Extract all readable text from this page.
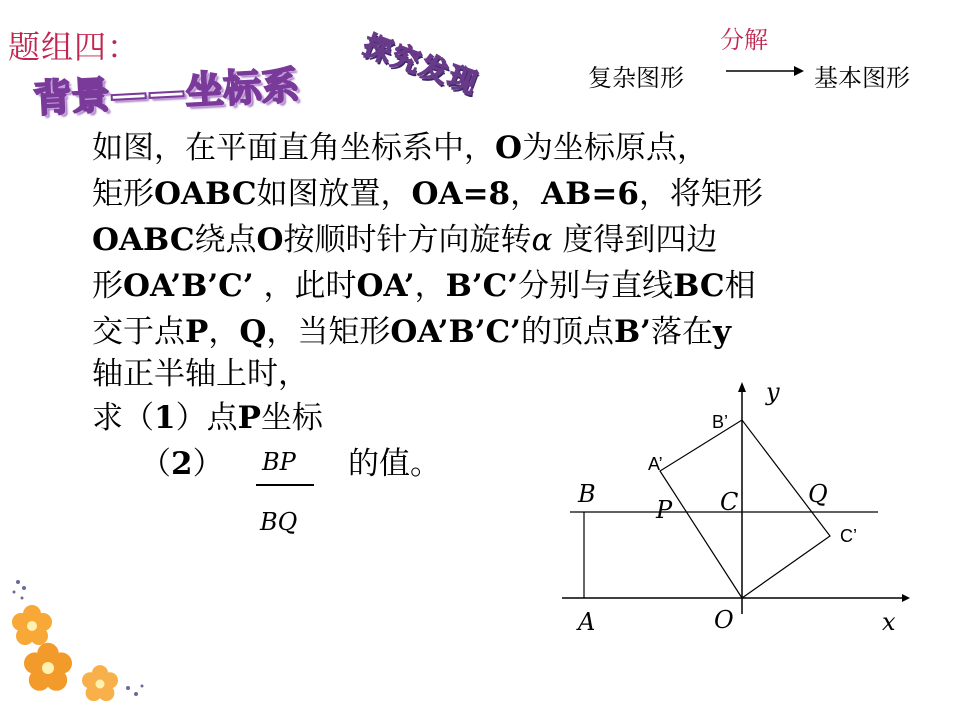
题组四：
背景——坐标系 探究发现	分解
复杂图形	基本图形
如图，在平面直角坐标系中，O为坐标原点，
矩形OABC如图放置，OA=8，AB=6，将矩形
OABC绕点O按顺时针方向旋转α 度得到四边
形OA’B’C’ ，此时OA’，B’C’分别与直线BC相
交于点P，Q，当矩形OA’B’C’的顶点B’落在y
轴正半轴上时，
求（1）点P坐标
（2）	的值。
BP
BQ
y
B’
A’
B
P C	Q
C’
A	O	x
